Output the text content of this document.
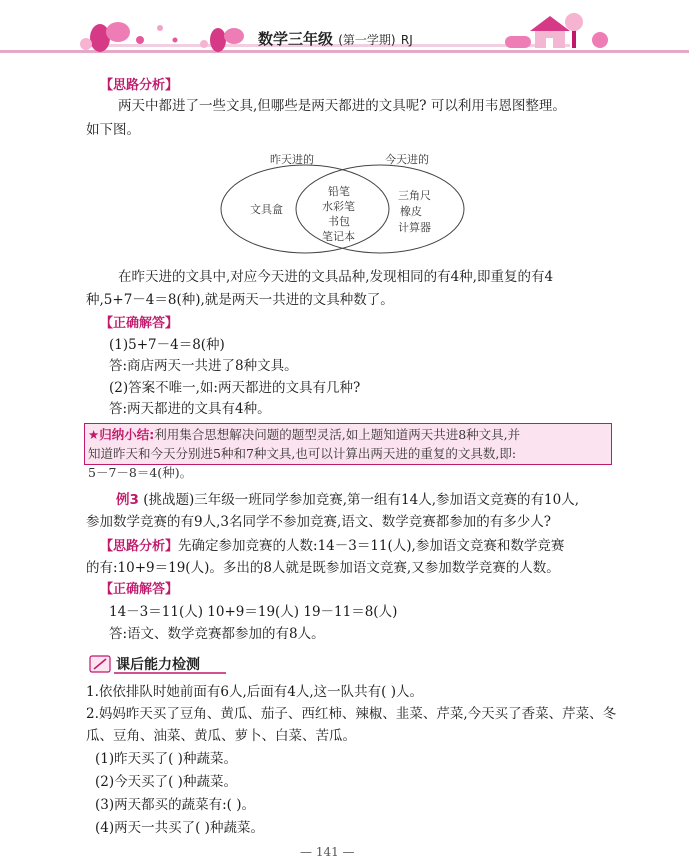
数学三年级 (第一学期) RJ
【思路分析】
两天中都进了一些文具,但哪些是两天都进的文具呢? 可以利用韦恩图整理。
如下图。
昨天进的	今天进的
文具盒
铅笔
水彩笔
书包
笔记本
三角尺
橡皮
计算器
在昨天进的文具中,对应今天进的文具品种,发现相同的有4种,即重复的有4
种,5+7－4＝8(种),就是两天一共进的文具种数了。
【正确解答】
(1)5+7－4＝8(种)
答:商店两天一共进了8种文具。
(2)答案不唯一,如:两天都进的文具有几种?
答:两天都进的文具有4种。
★归纳小结:利用集合思想解决问题的题型灵活,如上题知道两天共进8种文具,并
知道昨天和今天分别进5种和7种文具,也可以计算出两天进的重复的文具数,即:
5－7－8＝4(种)。
例3 (挑战题)三年级一班同学参加竞赛,第一组有14人,参加语文竞赛的有10人,
参加数学竞赛的有9人,3名同学不参加竞赛,语文、数学竞赛都参加的有多少人?
【思路分析】先确定参加竞赛的人数:14－3＝11(人),参加语文竞赛和数学竞赛
的有:10+9＝19(人)。多出的8人就是既参加语文竞赛,又参加数学竞赛的人数。
【正确解答】
14－3＝11(人) 10+9＝19(人) 19－11＝8(人)
答:语文、数学竞赛都参加的有8人。
课后能力检测
1.依依排队时她前面有6人,后面有4人,这一队共有( )人。
2.妈妈昨天买了豆角、黄瓜、茄子、西红柿、辣椒、韭菜、芹菜,今天买了香菜、芹菜、冬
瓜、豆角、油菜、黄瓜、萝卜、白菜、苦瓜。
(1)昨天买了( )种蔬菜。
(2)今天买了( )种蔬菜。
(3)两天都买的蔬菜有:( )。
(4)两天一共买了( )种蔬菜。
— 141 —
